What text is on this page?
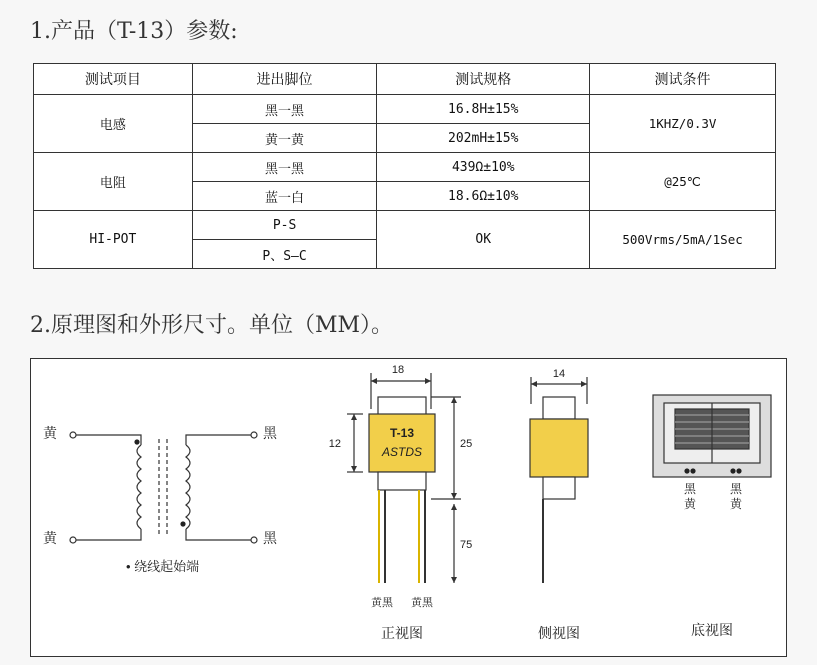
1.产品（T-13）参数:
测试项目	进出脚位	测试规格	测试条件
电感	黑一黑	16.8H±15%	1KHZ/0.3V
	黄一黄	202mH±15%	
电阻	黑一黑	439Ω±10%	@25℃
	蓝一白	18.6Ω±10%	
HI-POT	P-S	OK	500Vrms/5mA/1Sec
	P、S—C		
2.原理图和外形尺寸。单位（MM）。
黄
黄
黑
黑
• 绕线起始端
18
T-13
ASTDS
12	25
75
黄黑 黄黑
正视图
14
侧视图
黑
黄
黑
黄
底视图
